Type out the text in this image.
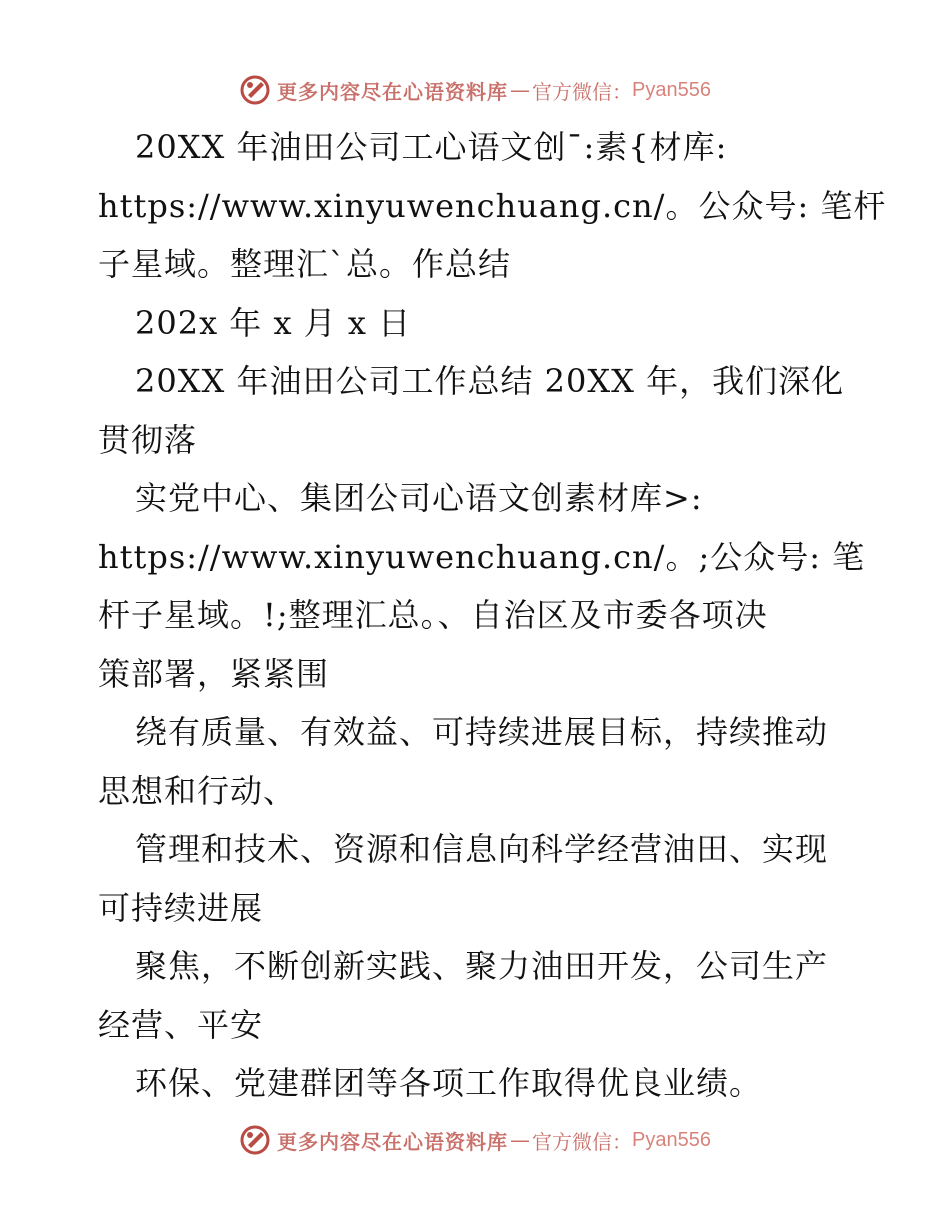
更多内容尽在心语资料库 — 官方微信： Pyan556
20XX 年油田公司工心语文创¯:素{材库:
https://www.xinyuwenchuang.cn/。公众号: 笔杆
子星域。整理汇`总。作总结
202x 年 x 月 x 日
20XX 年油田公司工作总结 20XX 年，我们深化
贯彻落
实党中心、集团公司心语文创素材库>:
https://www.xinyuwenchuang.cn/。;公众号: 笔
杆子星域。!;整理汇总。、自治区及市委各项决
策部署，紧紧围
绕有质量、有效益、可持续进展目标，持续推动
思想和行动、
管理和技术、资源和信息向科学经营油田、实现
可持续进展
聚焦，不断创新实践、聚力油田开发，公司生产
经营、平安
环保、党建群团等各项工作取得优良业绩。
更多内容尽在心语资料库 — 官方微信： Pyan556
